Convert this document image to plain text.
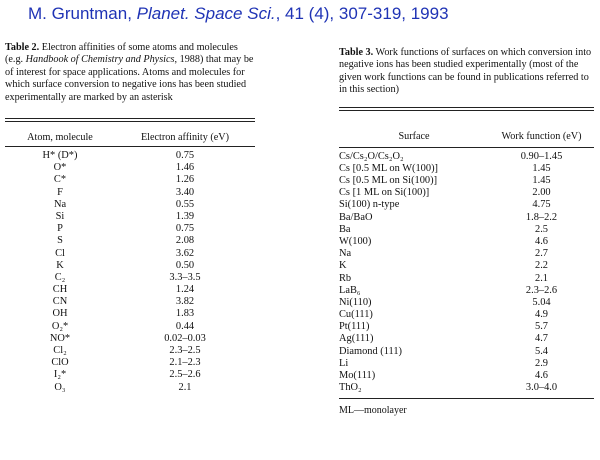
M. Gruntman, Planet. Space Sci., 41 (4), 307-319, 1993

Table 2. Electron affinities of some atoms and molecules (e.g. Handbook of Chemistry and Physics, 1988) that may be of interest for space applications. Atoms and molecules for which surface conversion to negative ions has been studied experimentally are marked by an asterisk

Atom, molecule	Electron affinity (eV)
H* (D*)	0.75
O*	1.46
C*	1.26
F	3.40
Na	0.55
Si	1.39
P	0.75
S	2.08
Cl	3.62
K	0.50
C₂	3.3–3.5
CH	1.24
CN	3.82
OH	1.83
O₂*	0.44
NO*	0.02–0.03
Cl₂	2.3–2.5
ClO	2.1–2.3
I₂*	2.5–2.6
O₃	2.1

Table 3. Work functions of surfaces on which conversion into negative ions has been studied experimentally (most of the given work functions can be found in publications referred to in this section)

Surface	Work function (eV)
Cs/Cs₂O/Cs₂O₂	0.90–1.45
Cs [0.5 ML on W(100)]	1.45
Cs [0.5 ML on Si(100)]	1.45
Cs [1 ML on Si(100)]	2.00
Si(100) n-type	4.75
Ba/BaO	1.8–2.2
Ba	2.5
W(100)	4.6
Na	2.7
K	2.2
Rb	2.1
LaB₆	2.3–2.6
Ni(110)	5.04
Cu(111)	4.9
Pt(111)	5.7
Ag(111)	4.7
Diamond (111)	5.4
Li	2.9
Mo(111)	4.6
ThO₂	3.0–4.0
ML—monolayer
